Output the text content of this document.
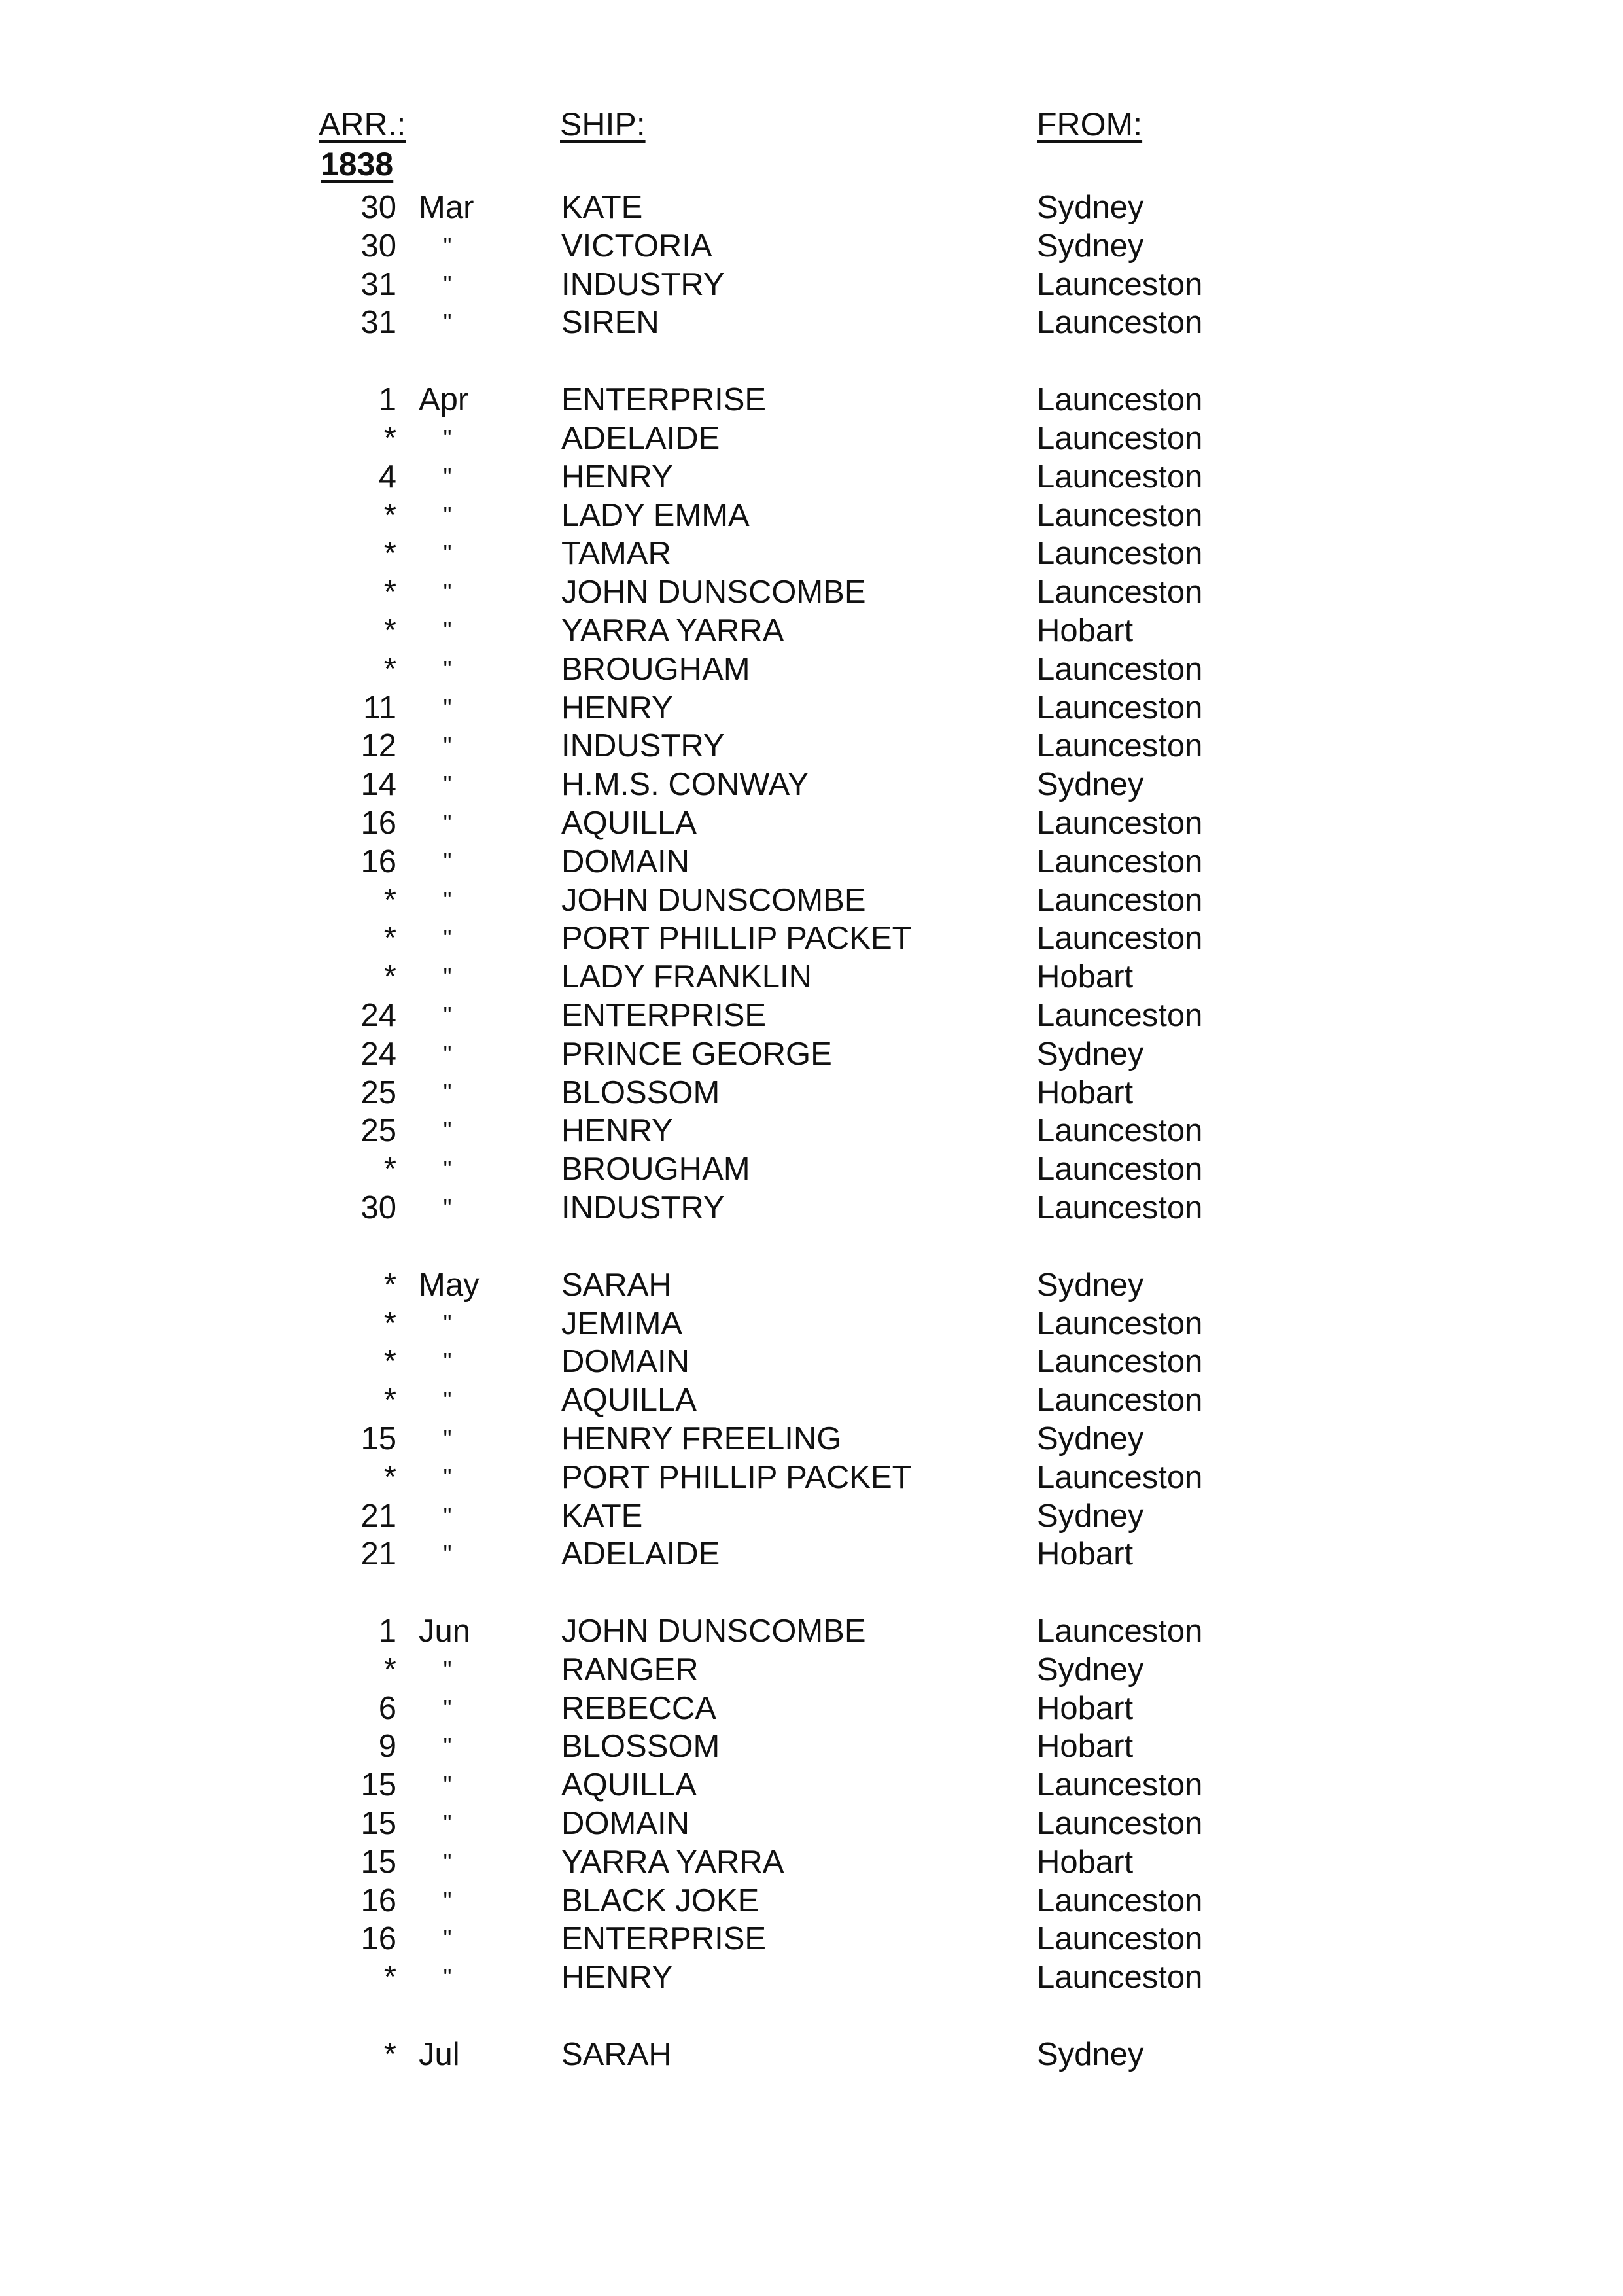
ARR.:	SHIP:	FROM:
1838
30 Mar	KATE	Sydney
30	"	VICTORIA	Sydney
31	"	INDUSTRY	Launceston
31	"	SIREN	Launceston
1 Apr	ENTERPRISE	Launceston
*	"	ADELAIDE	Launceston
4	"	HENRY	Launceston
*	"	LADY EMMA	Launceston
*	"	TAMAR	Launceston
*	"	JOHN DUNSCOMBE	Launceston
*	"	YARRA YARRA	Hobart
*	"	BROUGHAM	Launceston
11	"	HENRY	Launceston
12	"	INDUSTRY	Launceston
14	"	H.M.S. CONWAY	Sydney
16	"	AQUILLA	Launceston
16	"	DOMAIN	Launceston
*	"	JOHN DUNSCOMBE	Launceston
*	"	PORT PHILLIP PACKET	Launceston
*	"	LADY FRANKLIN	Hobart
24	"	ENTERPRISE	Launceston
24	"	PRINCE GEORGE	Sydney
25	"	BLOSSOM	Hobart
25	"	HENRY	Launceston
*	"	BROUGHAM	Launceston
30	"	INDUSTRY	Launceston
* May	SARAH	Sydney
*	"	JEMIMA	Launceston
*	"	DOMAIN	Launceston
*	"	AQUILLA	Launceston
15	"	HENRY FREELING	Sydney
*	"	PORT PHILLIP PACKET	Launceston
21	"	KATE	Sydney
21	"	ADELAIDE	Hobart
1 Jun	JOHN DUNSCOMBE	Launceston
*	"	RANGER	Sydney
6	"	REBECCA	Hobart
9	"	BLOSSOM	Hobart
15	"	AQUILLA	Launceston
15	"	DOMAIN	Launceston
15	"	YARRA YARRA	Hobart
16	"	BLACK JOKE	Launceston
16	"	ENTERPRISE	Launceston
*	"	HENRY	Launceston
* Jul	SARAH	Sydney
